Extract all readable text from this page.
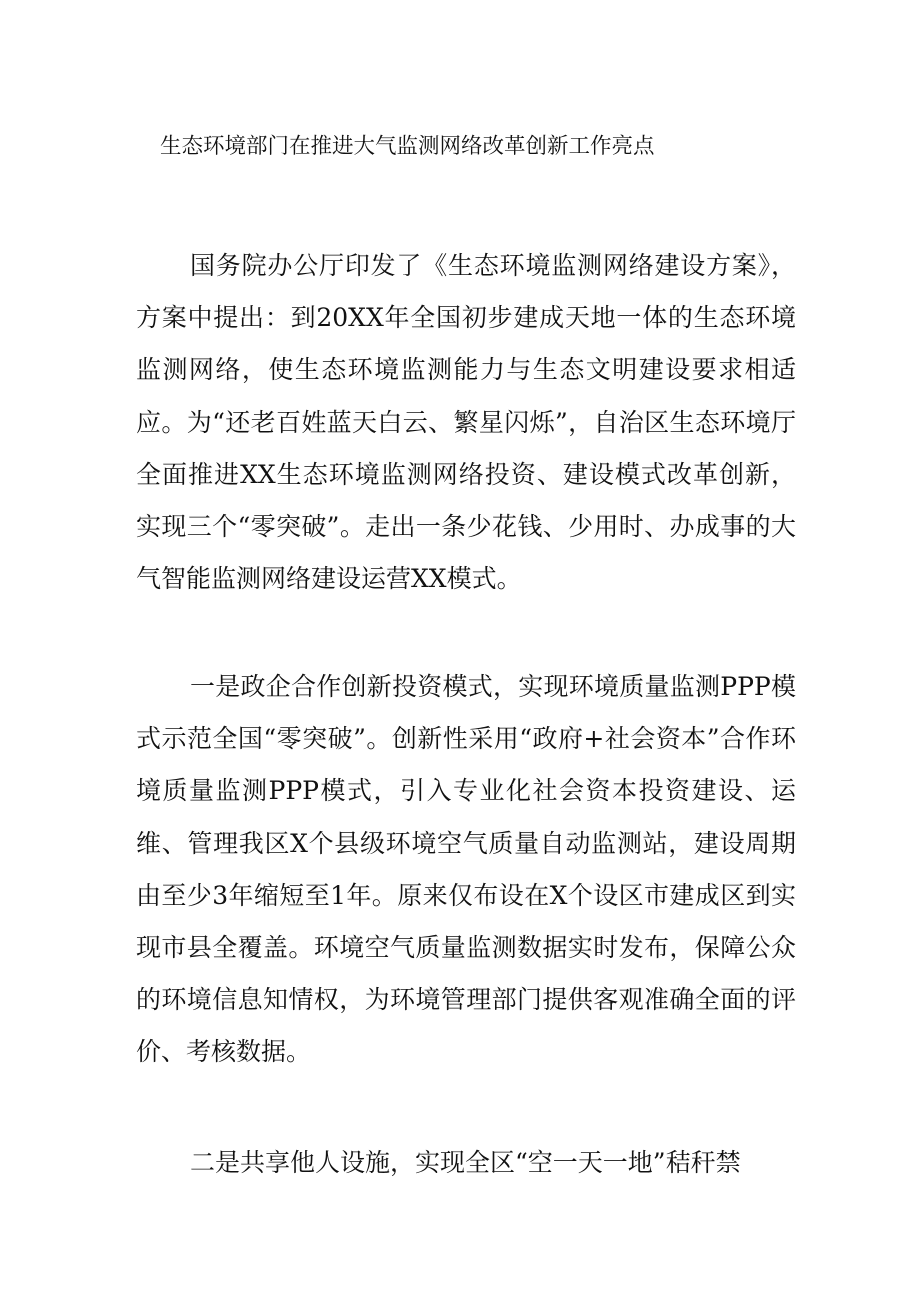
生态环境部门在推进大气监测网络改革创新工作亮点

国务院办公厅印发了《生态环境监测网络建设方案》，方案中提出：到20XX年全国初步建成天地一体的生态环境监测网络，使生态环境监测能力与生态文明建设要求相适应。为“还老百姓蓝天白云、繁星闪烁”，自治区生态环境厅全面推进XX生态环境监测网络投资、建设模式改革创新，实现三个“零突破”。走出一条少花钱、少用时、办成事的大气智能监测网络建设运营XX模式。

一是政企合作创新投资模式，实现环境质量监测PPP模式示范全国“零突破”。创新性采用“政府+社会资本”合作环境质量监测PPP模式，引入专业化社会资本投资建设、运维、管理我区X个县级环境空气质量自动监测站，建设周期由至少3年缩短至1年。原来仅布设在X个设区市建成区到实现市县全覆盖。环境空气质量监测数据实时发布，保障公众的环境信息知情权，为环境管理部门提供客观准确全面的评价、考核数据。

二是共享他人设施，实现全区“空一天一地”秸秆禁
